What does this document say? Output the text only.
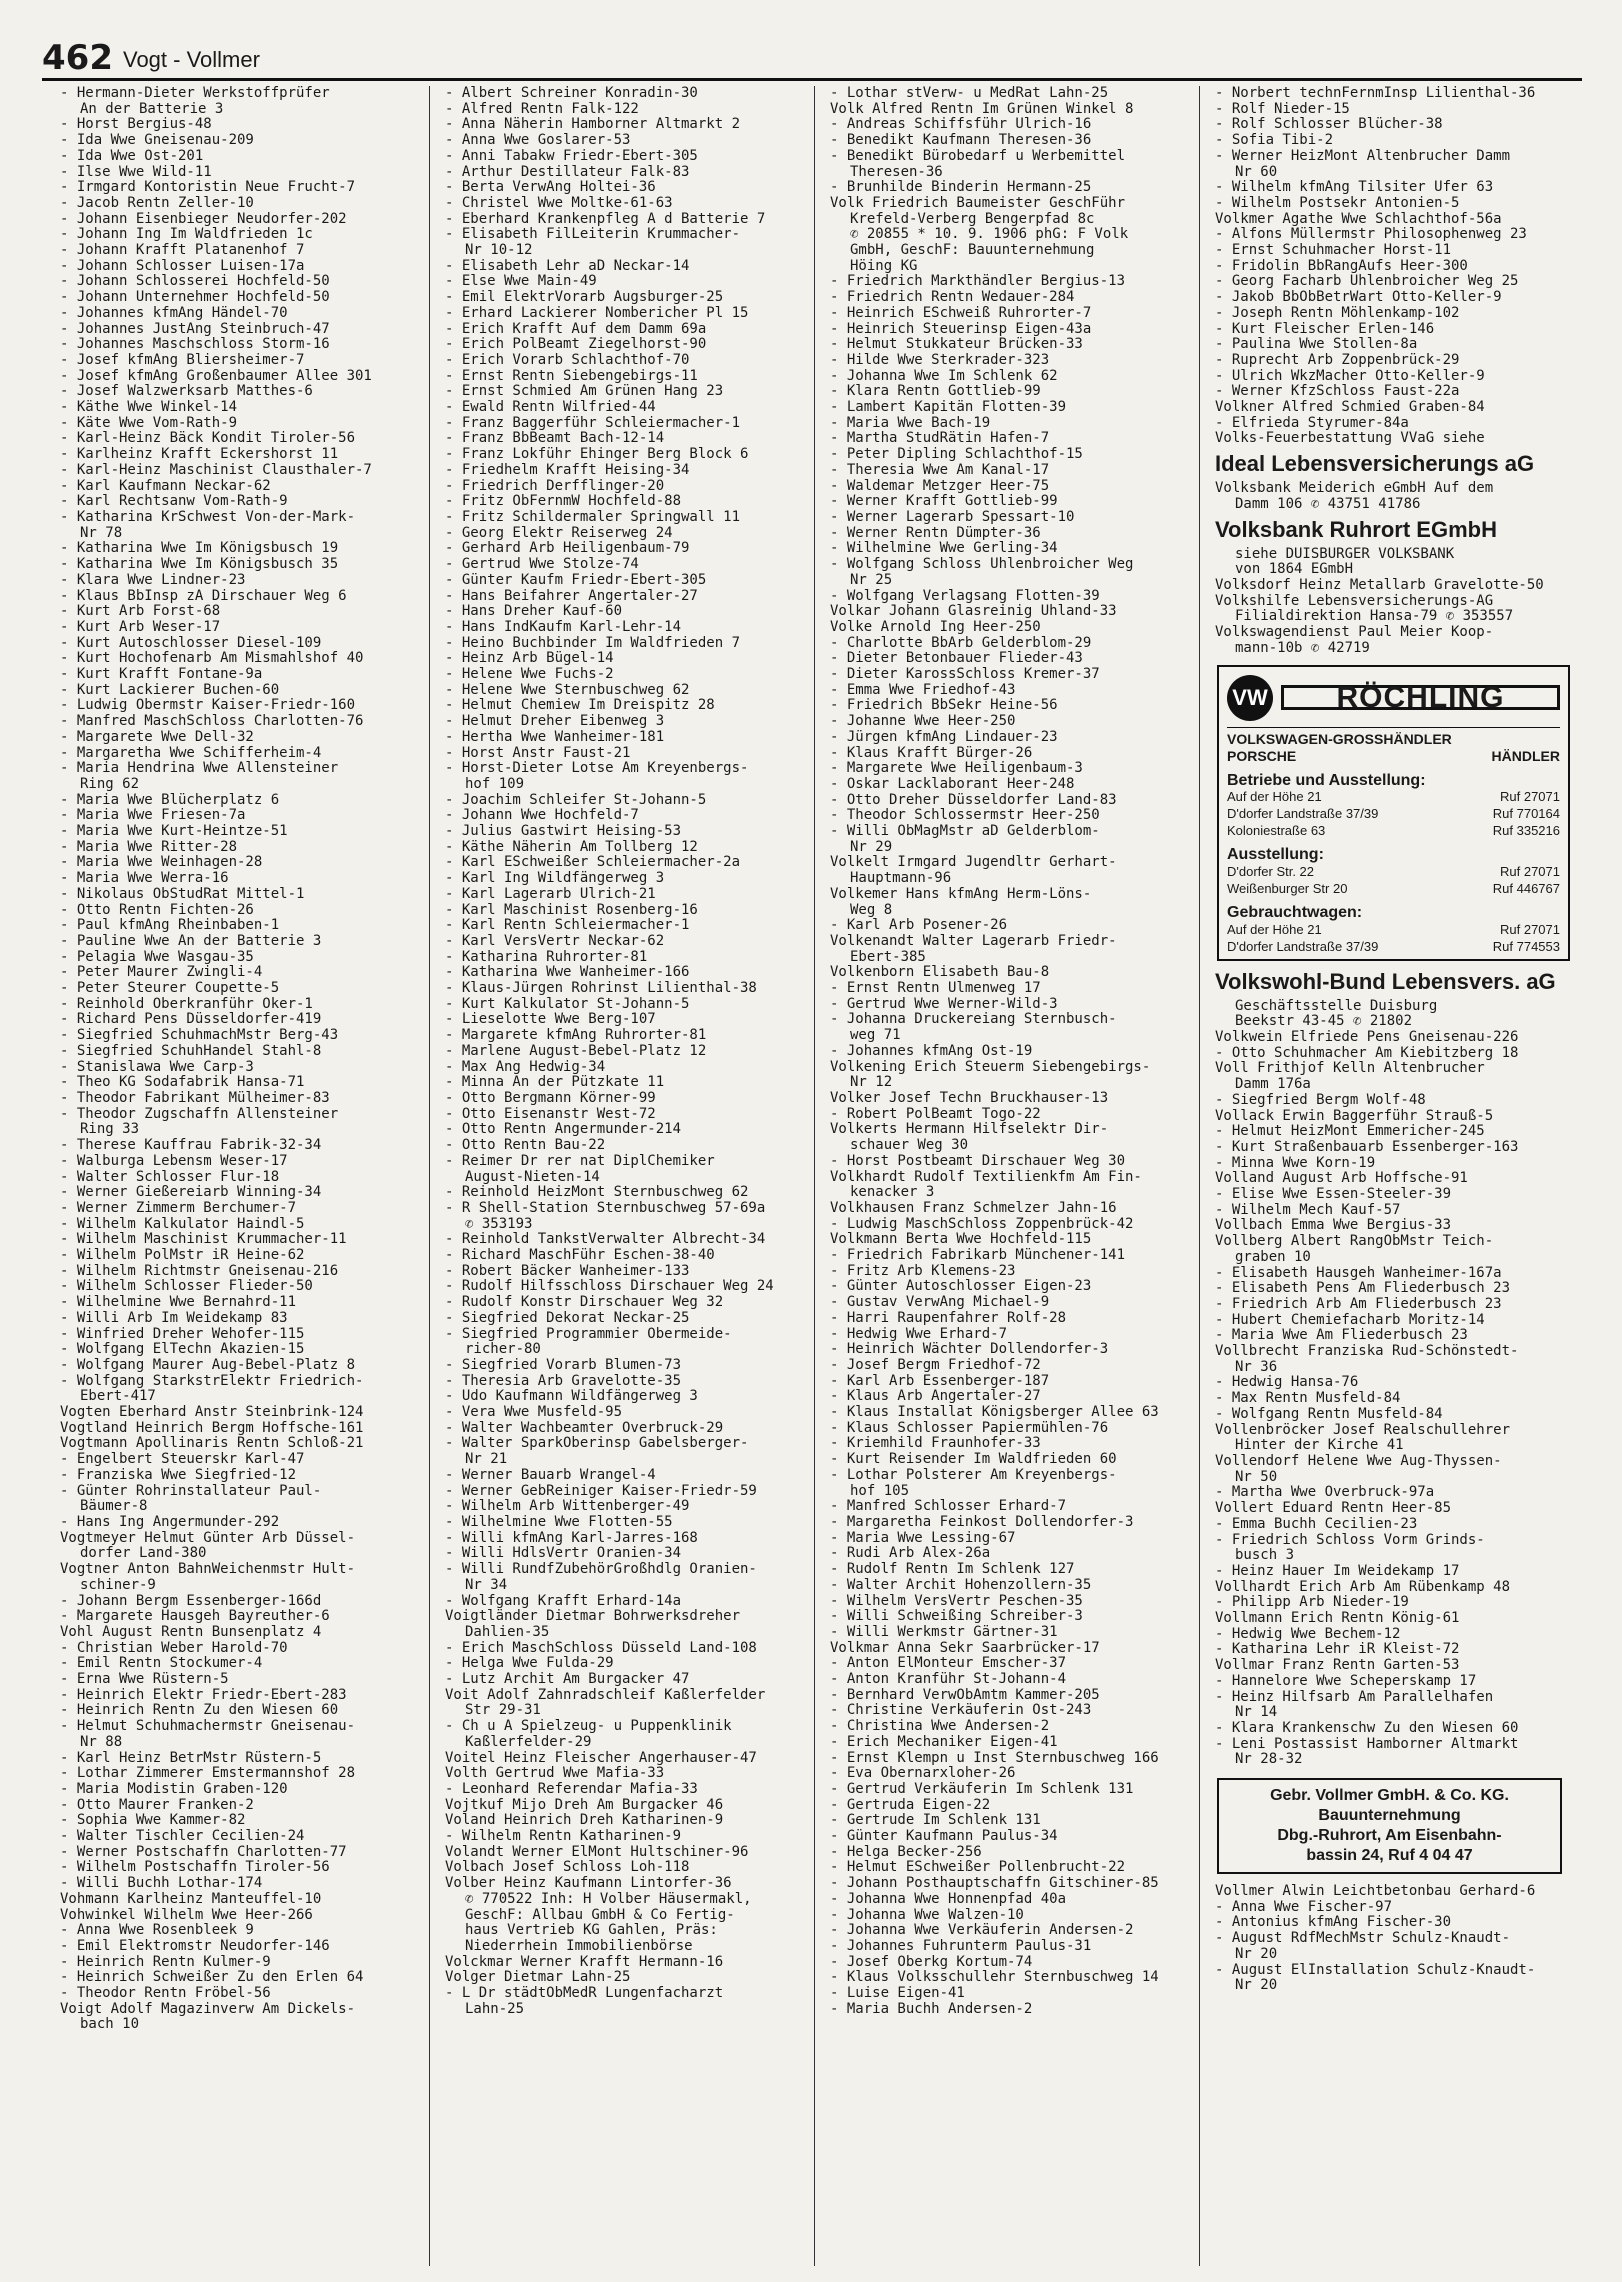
462 Vogt - Vollmer
- Hermann-Dieter Werkstoffprüfer
An der Batterie 3
- Horst Bergius-48
- Ida Wwe Gneisenau-209
- Ida Wwe Ost-201
- Ilse Wwe Wild-11
- Irmgard Kontoristin Neue Frucht-7
- Jacob Rentn Zeller-10
- Johann Eisenbieger Neudorfer-202
- Johann Ing Im Waldfrieden 1c
- Johann Krafft Platanenhof 7
- Johann Schlosser Luisen-17a
- Johann Schlosserei Hochfeld-50
- Johann Unternehmer Hochfeld-50
- Johannes kfmAng Händel-70
- Johannes JustAng Steinbruch-47
- Johannes Maschschloss Storm-16
- Josef kfmAng Bliersheimer-7
- Josef kfmAng Großenbaumer Allee 301
- Josef Walzwerksarb Matthes-6
- Käthe Wwe Winkel-14
- Käte Wwe Vom-Rath-9
- Karl-Heinz Bäck Kondit Tiroler-56
- Karlheinz Krafft Eckershorst 11
- Karl-Heinz Maschinist Clausthaler-7
- Karl Kaufmann Neckar-62
- Karl Rechtsanw Vom-Rath-9
- Katharina KrSchwest Von-der-Mark-
Nr 78
- Katharina Wwe Im Königsbusch 19
- Katharina Wwe Im Königsbusch 35
- Klara Wwe Lindner-23
- Klaus BbInsp zA Dirschauer Weg 6
- Kurt Arb Forst-68
- Kurt Arb Weser-17
- Kurt Autoschlosser Diesel-109
- Kurt Hochofenarb Am Mismahlshof 40
- Kurt Krafft Fontane-9a
- Kurt Lackierer Buchen-60
- Ludwig Obermstr Kaiser-Friedr-160
- Manfred MaschSchloss Charlotten-76
- Margarete Wwe Dell-32
- Margaretha Wwe Schifferheim-4
- Maria Hendrina Wwe Allensteiner
Ring 62
- Maria Wwe Blücherplatz 6
- Maria Wwe Friesen-7a
- Maria Wwe Kurt-Heintze-51
- Maria Wwe Ritter-28
- Maria Wwe Weinhagen-28
- Maria Wwe Werra-16
- Nikolaus ObStudRat Mittel-1
- Otto Rentn Fichten-26
- Paul kfmAng Rheinbaben-1
- Pauline Wwe An der Batterie 3
- Pelagia Wwe Wasgau-35
- Peter Maurer Zwingli-4
- Peter Steurer Coupette-5
- Reinhold Oberkranführ Oker-1
- Richard Pens Düsseldorfer-419
- Siegfried SchuhmachMstr Berg-43
- Siegfried SchuhHandel Stahl-8
- Stanislawa Wwe Carp-3
- Theo KG Sodafabrik Hansa-71
- Theodor Fabrikant Mülheimer-83
- Theodor Zugschaffn Allensteiner
Ring 33
- Therese Kauffrau Fabrik-32-34
- Walburga Lebensm Weser-17
- Walter Schlosser Flur-18
- Werner Gießereiarb Winning-34
- Werner Zimmerm Berchumer-7
- Wilhelm Kalkulator Haindl-5
- Wilhelm Maschinist Krummacher-11
- Wilhelm PolMstr iR Heine-62
- Wilhelm Richtmstr Gneisenau-216
- Wilhelm Schlosser Flieder-50
- Wilhelmine Wwe Bernahrd-11
- Willi Arb Im Weidekamp 83
- Winfried Dreher Wehofer-115
- Wolfgang ElTechn Akazien-15
- Wolfgang Maurer Aug-Bebel-Platz 8
- Wolfgang StarkstrElektr Friedrich-
Ebert-417
Vogten Eberhard Anstr Steinbrink-124
Vogtland Heinrich Bergm Hoffsche-161
Vogtmann Apollinaris Rentn Schloß-21
- Engelbert Steuerskr Karl-47
- Franziska Wwe Siegfried-12
- Günter Rohrinstallateur Paul-
Bäumer-8
- Hans Ing Angermunder-292
Vogtmeyer Helmut Günter Arb Düssel-
dorfer Land-380
Vogtner Anton BahnWeichenmstr Hult-
schiner-9
- Johann Bergm Essenberger-166d
- Margarete Hausgeh Bayreuther-6
Vohl August Rentn Bunsenplatz 4
- Christian Weber Harold-70
- Emil Rentn Stockumer-4
- Erna Wwe Rüstern-5
- Heinrich Elektr Friedr-Ebert-283
- Heinrich Rentn Zu den Wiesen 60
- Helmut Schuhmachermstr Gneisenau-
Nr 88
- Karl Heinz BetrMstr Rüstern-5
- Lothar Zimmerer Emstermannshof 28
- Maria Modistin Graben-120
- Otto Maurer Franken-2
- Sophia Wwe Kammer-82
- Walter Tischler Cecilien-24
- Werner Postschaffn Charlotten-77
- Wilhelm Postschaffn Tiroler-56
- Willi Buchh Lothar-174
Vohmann Karlheinz Manteuffel-10
Vohwinkel Wilhelm Wwe Heer-266
- Anna Wwe Rosenbleek 9
- Emil Elektromstr Neudorfer-146
- Heinrich Rentn Kulmer-9
- Heinrich Schweißer Zu den Erlen 64
- Theodor Rentn Fröbel-56
Voigt Adolf Magazinverw Am Dickels-
bach 10
- Albert Schreiner Konradin-30
- Alfred Rentn Falk-122
- Anna Näherin Hamborner Altmarkt 2
- Anna Wwe Goslarer-53
- Anni Tabakw Friedr-Ebert-305
- Arthur Destillateur Falk-83
- Berta VerwAng Holtei-36
- Christel Wwe Moltke-61-63
- Eberhard Krankenpfleg A d Batterie 7
- Elisabeth FilLeiterin Krummacher-
Nr 10-12
- Elisabeth Lehr aD Neckar-14
- Else Wwe Main-49
- Emil ElektrVorarb Augsburger-25
- Erhard Lackierer Nombericher Pl 15
- Erich Krafft Auf dem Damm 69a
- Erich PolBeamt Ziegelhorst-90
- Erich Vorarb Schlachthof-70
- Ernst Rentn Siebengebirgs-11
- Ernst Schmied Am Grünen Hang 23
- Ewald Rentn Wilfried-44
- Franz Baggerführ Schleiermacher-1
- Franz BbBeamt Bach-12-14
- Franz Lokführ Ehinger Berg Block 6
- Friedhelm Krafft Heising-34
- Friedrich Derfflinger-20
- Fritz ObFernmW Hochfeld-88
- Fritz Schildermaler Springwall 11
- Georg Elektr Reiserweg 24
- Gerhard Arb Heiligenbaum-79
- Gertrud Wwe Stolze-74
- Günter Kaufm Friedr-Ebert-305
- Hans Beifahrer Angertaler-27
- Hans Dreher Kauf-60
- Hans IndKaufm Karl-Lehr-14
- Heino Buchbinder Im Waldfrieden 7
- Heinz Arb Bügel-14
- Helene Wwe Fuchs-2
- Helene Wwe Sternbuschweg 62
- Helmut Chemiew Im Dreispitz 28
- Helmut Dreher Eibenweg 3
- Hertha Wwe Wanheimer-181
- Horst Anstr Faust-21
- Horst-Dieter Lotse Am Kreyenbergs-
hof 109
- Joachim Schleifer St-Johann-5
- Johann Wwe Hochfeld-7
- Julius Gastwirt Heising-53
- Käthe Näherin Am Tollberg 12
- Karl ESchweißer Schleiermacher-2a
- Karl Ing Wildfängerweg 3
- Karl Lagerarb Ulrich-21
- Karl Maschinist Rosenberg-16
- Karl Rentn Schleiermacher-1
- Karl VersVertr Neckar-62
- Katharina Ruhrorter-81
- Katharina Wwe Wanheimer-166
- Klaus-Jürgen Rohrinst Lilienthal-38
- Kurt Kalkulator St-Johann-5
- Lieselotte Wwe Berg-107
- Margarete kfmAng Ruhrorter-81
- Marlene August-Bebel-Platz 12
- Max Ang Hedwig-34
- Minna An der Pützkate 11
- Otto Bergmann Körner-99
- Otto Eisenanstr West-72
- Otto Rentn Angermunder-214
- Otto Rentn Bau-22
- Reimer Dr rer nat DiplChemiker
August-Nieten-14
- Reinhold HeizMont Sternbuschweg 62
- R Shell-Station Sternbuschweg 57-69a
✆ 353193
- Reinhold TankstVerwalter Albrecht-34
- Richard MaschFühr Eschen-38-40
- Robert Bäcker Wanheimer-133
- Rudolf Hilfsschloss Dirschauer Weg 24
- Rudolf Konstr Dirschauer Weg 32
- Siegfried Dekorat Neckar-25
- Siegfried Programmier Obermeide-
richer-80
- Siegfried Vorarb Blumen-73
- Theresia Arb Gravelotte-35
- Udo Kaufmann Wildfängerweg 3
- Vera Wwe Musfeld-95
- Walter Wachbeamter Overbruck-29
- Walter SparkOberinsp Gabelsberger-
Nr 21
- Werner Bauarb Wrangel-4
- Werner GebReiniger Kaiser-Friedr-59
- Wilhelm Arb Wittenberger-49
- Wilhelmine Wwe Flotten-55
- Willi kfmAng Karl-Jarres-168
- Willi HdlsVertr Oranien-34
- Willi RundfZubehörGroßhdlg Oranien-
Nr 34
- Wolfgang Krafft Erhard-14a
Voigtländer Dietmar Bohrwerksdreher
Dahlien-35
- Erich MaschSchloss Düsseld Land-108
- Helga Wwe Fulda-29
- Lutz Archit Am Burgacker 47
Voit Adolf Zahnradschleif Kaßlerfelder
Str 29-31
- Ch u A Spielzeug- u Puppenklinik
Kaßlerfelder-29
Voitel Heinz Fleischer Angerhauser-47
Volth Gertrud Wwe Mafia-33
- Leonhard Referendar Mafia-33
Vojtkuf Mijo Dreh Am Burgacker 46
Voland Heinrich Dreh Katharinen-9
- Wilhelm Rentn Katharinen-9
Volandt Werner ElMont Hultschiner-96
Volbach Josef Schloss Loh-118
Volber Heinz Kaufmann Lintorfer-36
✆ 770522 Inh: H Volber Häusermakl,
GeschF: Allbau GmbH & Co Fertig-
haus Vertrieb KG Gahlen, Präs:
Niederrhein Immobilienbörse
Volckmar Werner Krafft Hermann-16
Volger Dietmar Lahn-25
- L Dr städtObMedR Lungenfacharzt
Lahn-25
- Lothar stVerw- u MedRat Lahn-25
Volk Alfred Rentn Im Grünen Winkel 8
- Andreas Schiffsführ Ulrich-16
- Benedikt Kaufmann Theresen-36
- Benedikt Bürobedarf u Werbemittel
Theresen-36
- Brunhilde Binderin Hermann-25
Volk Friedrich Baumeister GeschFühr
Krefeld-Verberg Bengerpfad 8c
✆ 20855 * 10. 9. 1906 phG: F Volk
GmbH, GeschF: Bauunternehmung
Höing KG
- Friedrich Markthändler Bergius-13
- Friedrich Rentn Wedauer-284
- Heinrich ESchweiß Ruhrorter-7
- Heinrich Steuerinsp Eigen-43a
- Helmut Stukkateur Brücken-33
- Hilde Wwe Sterkrader-323
- Johanna Wwe Im Schlenk 62
- Klara Rentn Gottlieb-99
- Lambert Kapitän Flotten-39
- Maria Wwe Bach-19
- Martha StudRätin Hafen-7
- Peter Dipling Schlachthof-15
- Theresia Wwe Am Kanal-17
- Waldemar Metzger Heer-75
- Werner Krafft Gottlieb-99
- Werner Lagerarb Spessart-10
- Werner Rentn Dümpter-36
- Wilhelmine Wwe Gerling-34
- Wolfgang Schloss Uhlenbroicher Weg
Nr 25
- Wolfgang Verlagsang Flotten-39
Volkar Johann Glasreinig Uhland-33
Volke Arnold Ing Heer-250
- Charlotte BbArb Gelderblom-29
- Dieter Betonbauer Flieder-43
- Dieter KarossSchloss Kremer-37
- Emma Wwe Friedhof-43
- Friedrich BbSekr Heine-56
- Johanne Wwe Heer-250
- Jürgen kfmAng Lindauer-23
- Klaus Krafft Bürger-26
- Margarete Wwe Heiligenbaum-3
- Oskar Lacklaborant Heer-248
- Otto Dreher Düsseldorfer Land-83
- Theodor Schlossermstr Heer-250
- Willi ObMagMstr aD Gelderblom-
Nr 29
Volkelt Irmgard Jugendltr Gerhart-
Hauptmann-96
Volkemer Hans kfmAng Herm-Löns-
Weg 8
- Karl Arb Posener-26
Volkenandt Walter Lagerarb Friedr-
Ebert-385
Volkenborn Elisabeth Bau-8
- Ernst Rentn Ulmenweg 17
- Gertrud Wwe Werner-Wild-3
- Johanna Druckereiang Sternbusch-
weg 71
- Johannes kfmAng Ost-19
Volkening Erich Steuerm Siebengebirgs-
Nr 12
Volker Josef Techn Bruckhauser-13
- Robert PolBeamt Togo-22
Volkerts Hermann Hilfselektr Dir-
schauer Weg 30
- Horst Postbeamt Dirschauer Weg 30
Volkhardt Rudolf Textilienkfm Am Fin-
kenacker 3
Volkhausen Franz Schmelzer Jahn-16
- Ludwig MaschSchloss Zoppenbrück-42
Volkmann Berta Wwe Hochfeld-115
- Friedrich Fabrikarb Münchener-141
- Fritz Arb Klemens-23
- Günter Autoschlosser Eigen-23
- Gustav VerwAng Michael-9
- Harri Raupenfahrer Rolf-28
- Hedwig Wwe Erhard-7
- Heinrich Wächter Dollendorfer-3
- Josef Bergm Friedhof-72
- Karl Arb Essenberger-187
- Klaus Arb Angertaler-27
- Klaus Installat Königsberger Allee 63
- Klaus Schlosser Papiermühlen-76
- Kriemhild Fraunhofer-33
- Kurt Reisender Im Waldfrieden 60
- Lothar Polsterer Am Kreyenbergs-
hof 105
- Manfred Schlosser Erhard-7
- Margaretha Feinkost Dollendorfer-3
- Maria Wwe Lessing-67
- Rudi Arb Alex-26a
- Rudolf Rentn Im Schlenk 127
- Walter Archit Hohenzollern-35
- Wilhelm VersVertr Peschen-35
- Willi Schweißing Schreiber-3
- Willi Werkmstr Gärtner-31
Volkmar Anna Sekr Saarbrücker-17
- Anton ElMonteur Emscher-37
- Anton Kranführ St-Johann-4
- Bernhard VerwObAmtm Kammer-205
- Christine Verkäuferin Ost-243
- Christina Wwe Andersen-2
- Erich Mechaniker Eigen-41
- Ernst Klempn u Inst Sternbuschweg 166
- Eva Obernarxloher-26
- Gertrud Verkäuferin Im Schlenk 131
- Gertruda Eigen-22
- Gertrude Im Schlenk 131
- Günter Kaufmann Paulus-34
- Helga Becker-256
- Helmut ESchweißer Pollenbrucht-22
- Johann Posthauptschaffn Gitschiner-85
- Johanna Wwe Honnenpfad 40a
- Johanna Wwe Walzen-10
- Johanna Wwe Verkäuferin Andersen-2
- Johannes Fuhrunterm Paulus-31
- Josef Oberkg Kortum-74
- Klaus Volksschullehr Sternbuschweg 14
- Luise Eigen-41
- Maria Buchh Andersen-2
- Norbert technFernmInsp Lilienthal-36
- Rolf Nieder-15
- Rolf Schlosser Blücher-38
- Sofia Tibi-2
- Werner HeizMont Altenbrucher Damm
Nr 60
- Wilhelm kfmAng Tilsiter Ufer 63
- Wilhelm Postsekr Antonien-5
Volkmer Agathe Wwe Schlachthof-56a
- Alfons Müllermstr Philosophenweg 23
- Ernst Schuhmacher Horst-11
- Fridolin BbRangAufs Heer-300
- Georg Facharb Uhlenbroicher Weg 25
- Jakob BbObBetrWart Otto-Keller-9
- Joseph Rentn Möhlenkamp-102
- Kurt Fleischer Erlen-146
- Paulina Wwe Stollen-8a
- Ruprecht Arb Zoppenbrück-29
- Ulrich WkzMacher Otto-Keller-9
- Werner KfzSchloss Faust-22a
Volkner Alfred Schmied Graben-84
- Elfrieda Styrumer-84a
Volks-Feuerbestattung VVaG siehe
Ideal Lebensversicherungs aG
Volksbank Meiderich eGmbH Auf dem
Damm 106 ✆ 43751 41786
Volksbank Ruhrort EGmbH
siehe DUISBURGER VOLKSBANK
von 1864 EGmbH
Volksdorf Heinz Metallarb Gravelotte-50
Volkshilfe Lebensversicherungs-AG
Filialdirektion Hansa-79 ✆ 353557
Volkswagendienst Paul Meier Koop-
mann-10b ✆ 42719
VW	RÖCHLING
VOLKSWAGEN-GROSSHÄNDLER
PORSCHE	HÄNDLER
Betriebe und Ausstellung:
Auf der Höhe 21	Ruf 27071
D'dorfer Landstraße 37/39	Ruf 770164
Koloniestraße 63	Ruf 335216
Ausstellung:
D'dorfer Str. 22	Ruf 27071
Weißenburger Str 20	Ruf 446767
Gebrauchtwagen:
Auf der Höhe 21	Ruf 27071
D'dorfer Landstraße 37/39	Ruf 774553
Volkswohl-Bund Lebensvers. aG
Geschäftsstelle Duisburg
Beekstr 43-45 ✆ 21802
Volkwein Elfriede Pens Gneisenau-226
- Otto Schuhmacher Am Kiebitzberg 18
Voll Frithjof Kelln Altenbrucher
Damm 176a
- Siegfried Bergm Wolf-48
Vollack Erwin Baggerführ Strauß-5
- Helmut HeizMont Emmericher-245
- Kurt Straßenbauarb Essenberger-163
- Minna Wwe Korn-19
Volland August Arb Hoffsche-91
- Elise Wwe Essen-Steeler-39
- Wilhelm Mech Kauf-57
Vollbach Emma Wwe Bergius-33
Vollberg Albert RangObMstr Teich-
graben 10
- Elisabeth Hausgeh Wanheimer-167a
- Elisabeth Pens Am Fliederbusch 23
- Friedrich Arb Am Fliederbusch 23
- Hubert Chemiefacharb Moritz-14
- Maria Wwe Am Fliederbusch 23
Vollbrecht Franziska Rud-Schönstedt-
Nr 36
- Hedwig Hansa-76
- Max Rentn Musfeld-84
- Wolfgang Rentn Musfeld-84
Vollenbröcker Josef Realschullehrer
Hinter der Kirche 41
Vollendorf Helene Wwe Aug-Thyssen-
Nr 50
- Martha Wwe Overbruck-97a
Vollert Eduard Rentn Heer-85
- Emma Buchh Cecilien-23
- Friedrich Schloss Vorm Grinds-
busch 3
- Heinz Hauer Im Weidekamp 17
Vollhardt Erich Arb Am Rübenkamp 48
- Philipp Arb Nieder-19
Vollmann Erich Rentn König-61
- Hedwig Wwe Bechem-12
- Katharina Lehr iR Kleist-72
Vollmar Franz Rentn Garten-53
- Hannelore Wwe Scheperskamp 17
- Heinz Hilfsarb Am Parallelhafen
Nr 14
- Klara Krankenschw Zu den Wiesen 60
- Leni Postassist Hamborner Altmarkt
Nr 28-32
Gebr. Vollmer GmbH. & Co. KG.
Bauunternehmung
Dbg.-Ruhrort, Am Eisenbahn-
bassin 24, Ruf 4 04 47
Vollmer Alwin Leichtbetonbau Gerhard-6
- Anna Wwe Fischer-97
- Antonius kfmAng Fischer-30
- August RdfMechMstr Schulz-Knaudt-
Nr 20
- August ElInstallation Schulz-Knaudt-
Nr 20
